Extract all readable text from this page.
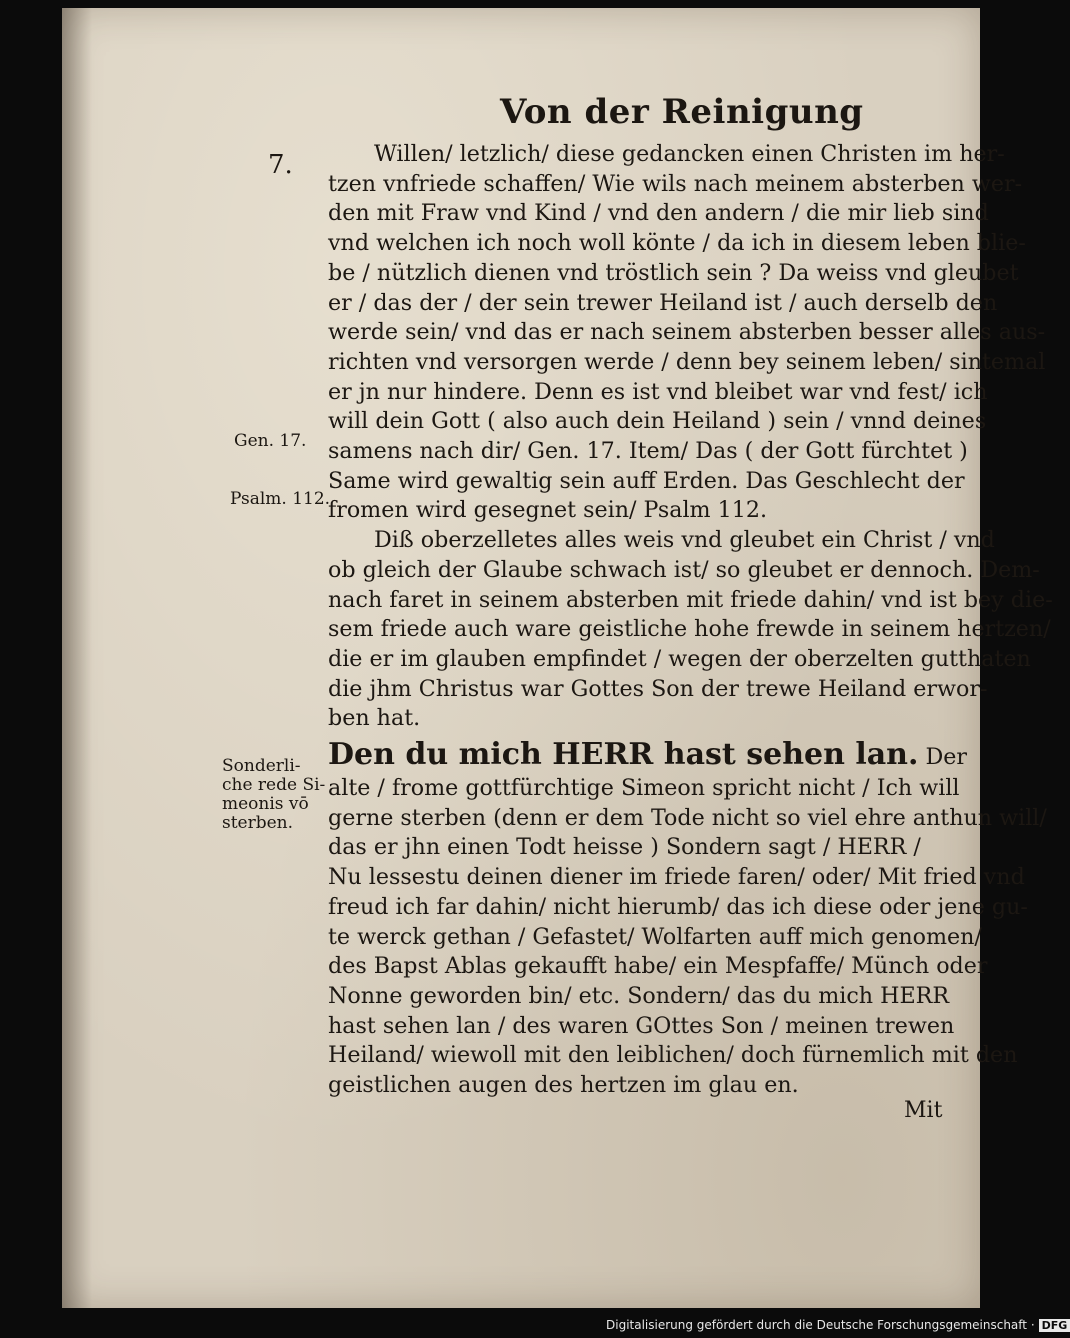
Von der Reinigung
7.
Gen. 17.
Psalm. 112.
Sonderli‑
che rede Si‑
meonis vō
sterben.
Willen/ letzlich/ diese gedancken einen Christen im her‑
tzen vnfriede schaffen/ Wie wils nach meinem absterben wer‑
den mit Fraw vnd Kind / vnd den andern / die mir lieb sind
vnd welchen ich noch woll könte / da ich in diesem leben blie‑
be / nützlich dienen vnd tröstlich sein ? Da weiss vnd gleubet
er / das der / der sein trewer Heiland ist / auch derselb den
werde sein/ vnd das er nach seinem absterben besser alles aus‑
richten vnd versorgen werde / denn bey seinem leben/ sintemal
er jn nur hindere. Denn es ist vnd bleibet war vnd fest/ ich
will dein Gott ( also auch dein Heiland ) sein / vnnd deines
samens nach dir/ Gen. 17. Item/ Das ( der Gott fürchtet )
Same wird gewaltig sein auff Erden. Das Geschlecht der
fromen wird gesegnet sein/ Psalm 112.
Diß oberzelletes alles weis vnd gleubet ein Christ / vnd
ob gleich der Glaube schwach ist/ so gleubet er dennoch. Dem‑
nach faret in seinem absterben mit friede dahin/ vnd ist bey die‑
sem friede auch ware geistliche hohe frewde in seinem hertzen/
die er im glauben empfindet / wegen der oberzelten gutthaten
die jhm Christus war Gottes Son der trewe Heiland erwor‑
ben hat.
Den du mich HERR hast sehen lan. Der
alte / frome gottfürchtige Simeon spricht nicht / Ich will
gerne sterben (denn er dem Tode nicht so viel ehre anthun will/
das er jhn einen Todt heisse ) Sondern sagt / HERR /
Nu lessestu deinen diener im friede faren/ oder/ Mit fried vnd
freud ich far dahin/ nicht hierumb/ das ich diese oder jene gu‑
te werck gethan / Gefastet/ Wolfarten auff mich genomen/
des Bapst Ablas gekaufft habe/ ein Mespfaffe/ Münch oder
Nonne geworden bin/ etc. Sondern/ das du mich HERR
hast sehen lan / des waren GOttes Son / meinen trewen
Heiland/ wiewoll mit den leiblichen/ doch fürnemlich mit den
geistlichen augen des hertzen im glau en.
Mit
Digitalisierung gefördert durch die Deutsche Forschungsgemeinschaft · DFG
